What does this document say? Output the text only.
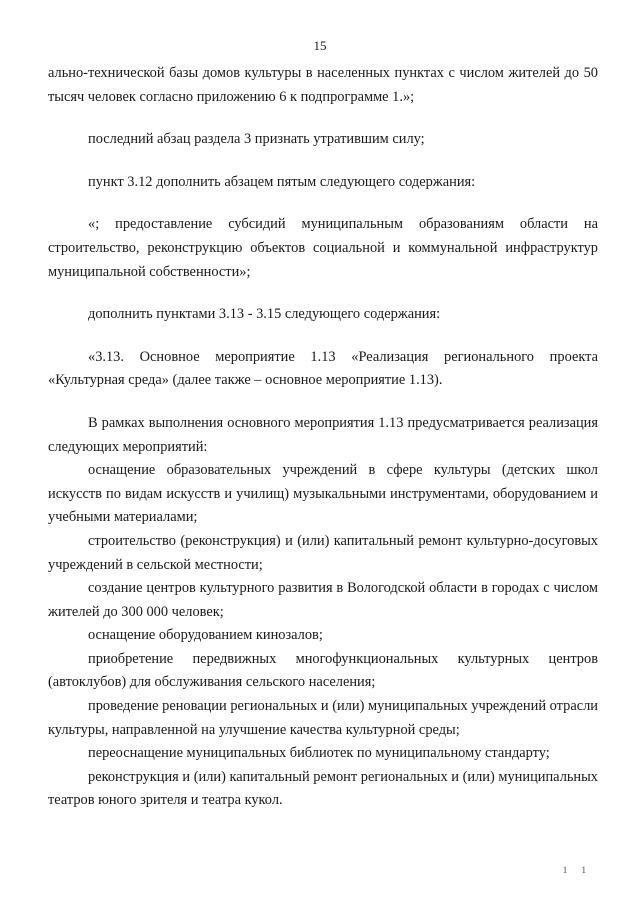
15

ально-технической базы домов культуры в населенных пунктах с числом жителей до 50 тысяч человек согласно приложению 6 к подпрограмме 1.»;

последний абзац раздела 3 признать утратившим силу;

пункт 3.12 дополнить абзацем пятым следующего содержания:

«; предоставление субсидий муниципальным образованиям области на строительство, реконструкцию объектов социальной и коммунальной инфраструктур муниципальной собственности»;

дополнить пунктами 3.13 - 3.15 следующего содержания:

«3.13. Основное мероприятие 1.13 «Реализация регионального проекта «Культурная среда» (далее также – основное мероприятие 1.13).

В рамках выполнения основного мероприятия 1.13 предусматривается реализация следующих мероприятий:

оснащение образовательных учреждений в сфере культуры (детских школ искусств по видам искусств и училищ) музыкальными инструментами, оборудованием и учебными материалами;

строительство (реконструкция) и (или) капитальный ремонт культурно-досуговых учреждений в сельской местности;

создание центров культурного развития в Вологодской области в городах с числом жителей до 300 000 человек;

оснащение оборудованием кинозалов;

приобретение передвижных многофункциональных культурных центров (автоклубов) для обслуживания сельского населения;

проведение реновации региональных и (или) муниципальных учреждений отрасли культуры, направленной на улучшение качества культурной среды;

переоснащение муниципальных библиотек по муниципальному стандарту;

реконструкция и (или) капитальный ремонт региональных и (или) муниципальных театров юного зрителя и театра кукол.

1 1
